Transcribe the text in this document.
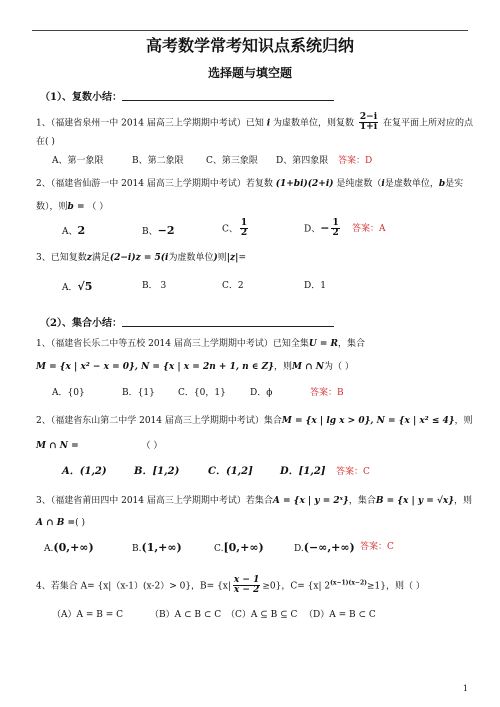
高考数学常考知识点系统归纳
选择题与填空题
（1）、复数小结：
1、（福建省泉州一中 2014 届高三上学期期中考试）已知 i 为虚数单位，则复数 $\frac{2-i}{1+i}$ 在复平面上所对应的点
在( )
A、第一象限	B、第二象限 C、第三象限 D、第四象限 答案：D
2、（福建省仙游一中 2014 届高三上学期期中考试）若复数 (1+bi)(2+i) 是纯虚数（i是虚数单位，b是实
数），则b = （ ）
A、2	B、−2	C、 $\frac{1}{2}$	D、− $\frac{1}{2}$ 答案：A
3、已知复数z满足(2−i)z = 5(i为虚数单位)则|z|=
A．√5	B． 3	C．2	D．1
（2）、集合小结：
1、（福建省长乐二中等五校 2014 届高三上学期期中考试）已知全集U = R，集合
M = {x | x² − x = 0}, N = {x | x = 2n + 1, n ∈ Z}，则M ∩ N为（ ）
A．{0}	B．{1}	C．{0，1}	D．ϕ	答案：B
2、（福建省东山第二中学 2014 届高三上学期期中考试）集合M = {x | lg x > 0}, N = {x | x² ≤ 4}，则
M ∩ N =	（ ）
A．(1,2)	B．[1,2)	C．(1,2]	D．[1,2] 答案：C
3、（福建省莆田四中 2014 届高三上学期期中考试）若集合A = {x | y = 2ˣ}，集合B = {x | y = √x}，则
A ∩ B =( )
A.(0,+∞)	B.(1,+∞)	C.[0,+∞)	D.(−∞,+∞) 答案：C
4、若集合 A= {x|（x-1）(x-2）> 0}，$B= \{x| \frac{x - 1}{x - 2} \ge 0\}$，C= {x| $2^{(x-1)(x-2)}\ge 1$}，则（ ）
（A）A = B = C	（B）A ⊂ B ⊂ C （C）A ⊆ B ⊆ C （D）A = B ⊂ C
1
